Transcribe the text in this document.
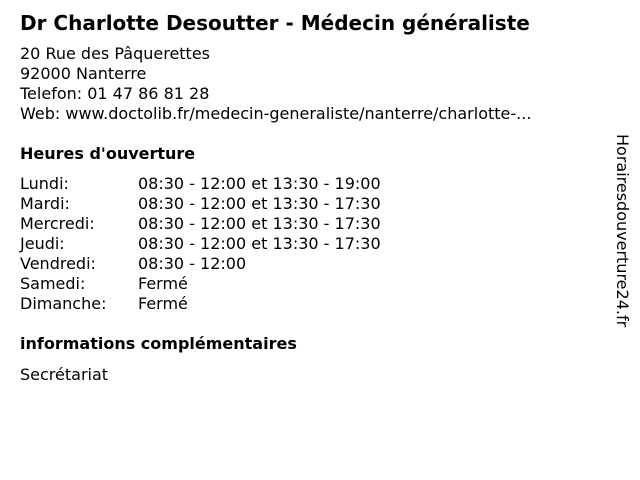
Dr Charlotte Desoutter - Médecin généraliste
20 Rue des Pâquerettes
92000 Nanterre
Telefon: 01 47 86 81 28
Web: www.doctolib.fr/medecin-generaliste/nanterre/charlotte-...
Heures d'ouverture
Lundi:	08:30 - 12:00 et 13:30 - 19:00
Mardi:	08:30 - 12:00 et 13:30 - 17:30
Mercredi:	08:30 - 12:00 et 13:30 - 17:30
Jeudi:	08:30 - 12:00 et 13:30 - 17:30
Vendredi:	08:30 - 12:00
Samedi:	Fermé
Dimanche: Fermé
informations complémentaires
Secrétariat
Horairesdouverture24.fr
